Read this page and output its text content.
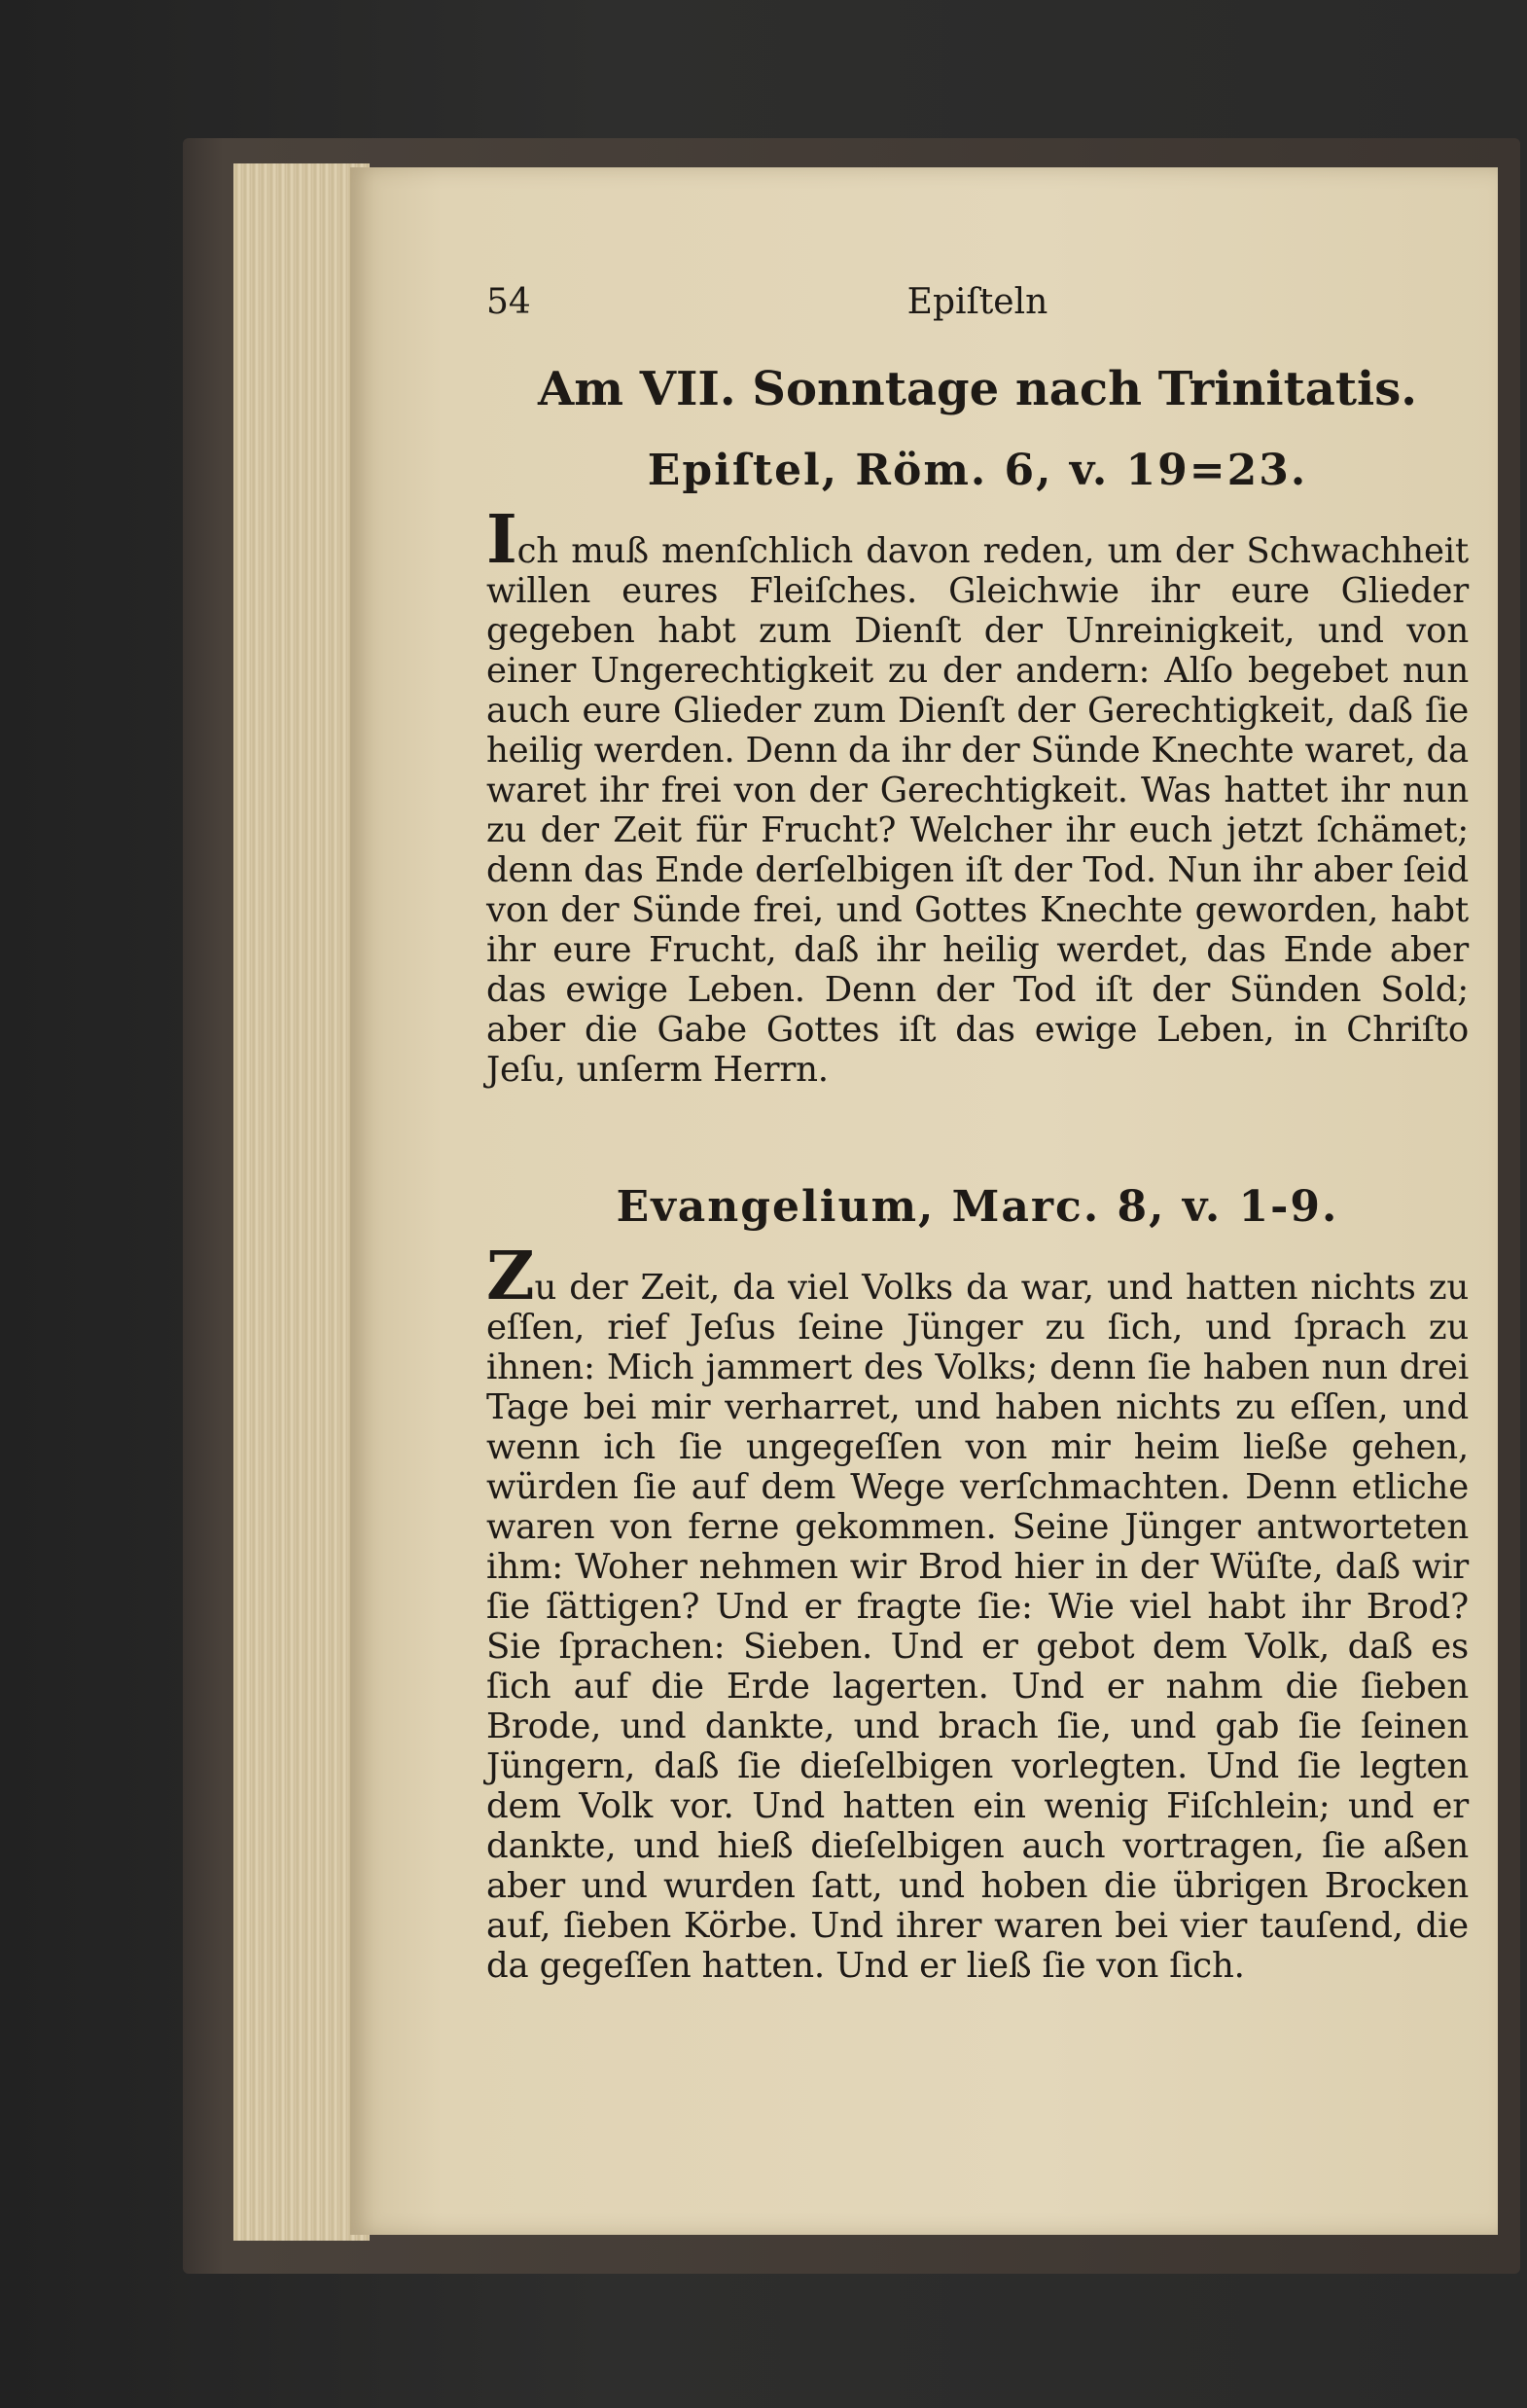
54	Epiſteln
Am VII. Sonntage nach Trinitatis.
Epiſtel, Röm. 6, v. 19=23.
Ich muß menſchlich davon reden, um der Schwachheit willen eures Fleiſches. Gleichwie ihr eure Glieder gegeben habt zum Dienſt der Unreinigkeit, und von einer Ungerechtigkeit zu der andern: Alſo begebet nun auch eure Glieder zum Dienſt der Gerechtigkeit, daß ſie heilig werden. Denn da ihr der Sünde Knechte waret, da waret ihr frei von der Gerechtigkeit. Was hattet ihr nun zu der Zeit für Frucht? Welcher ihr euch jetzt ſchämet; denn das Ende derſelbigen iſt der Tod. Nun ihr aber ſeid von der Sünde frei, und Gottes Knechte geworden, habt ihr eure Frucht, daß ihr heilig werdet, das Ende aber das ewige Leben. Denn der Tod iſt der Sünden Sold; aber die Gabe Gottes iſt das ewige Leben, in Chriſto Jeſu, unſerm Herrn.
Evangelium, Marc. 8, v. 1-9.
Zu der Zeit, da viel Volks da war, und hatten nichts zu eſſen, rief Jeſus ſeine Jünger zu ſich, und ſprach zu ihnen: Mich jammert des Volks; denn ſie haben nun drei Tage bei mir verharret, und haben nichts zu eſſen, und wenn ich ſie ungegeſſen von mir heim ließe gehen, würden ſie auf dem Wege verſchmachten. Denn etliche waren von ferne gekommen. Seine Jünger antworteten ihm: Woher nehmen wir Brod hier in der Wüſte, daß wir ſie ſättigen? Und er fragte ſie: Wie viel habt ihr Brod? Sie ſprachen: Sieben. Und er gebot dem Volk, daß es ſich auf die Erde lagerten. Und er nahm die ſieben Brode, und dankte, und brach ſie, und gab ſie ſeinen Jüngern, daß ſie dieſelbigen vorlegten. Und ſie legten dem Volk vor. Und hatten ein wenig Fiſchlein; und er dankte, und hieß dieſelbigen auch vortragen, ſie aßen aber und wurden ſatt, und hoben die übrigen Brocken auf, ſieben Körbe. Und ihrer waren bei vier tauſend, die da gegeſſen hatten. Und er ließ ſie von ſich.
